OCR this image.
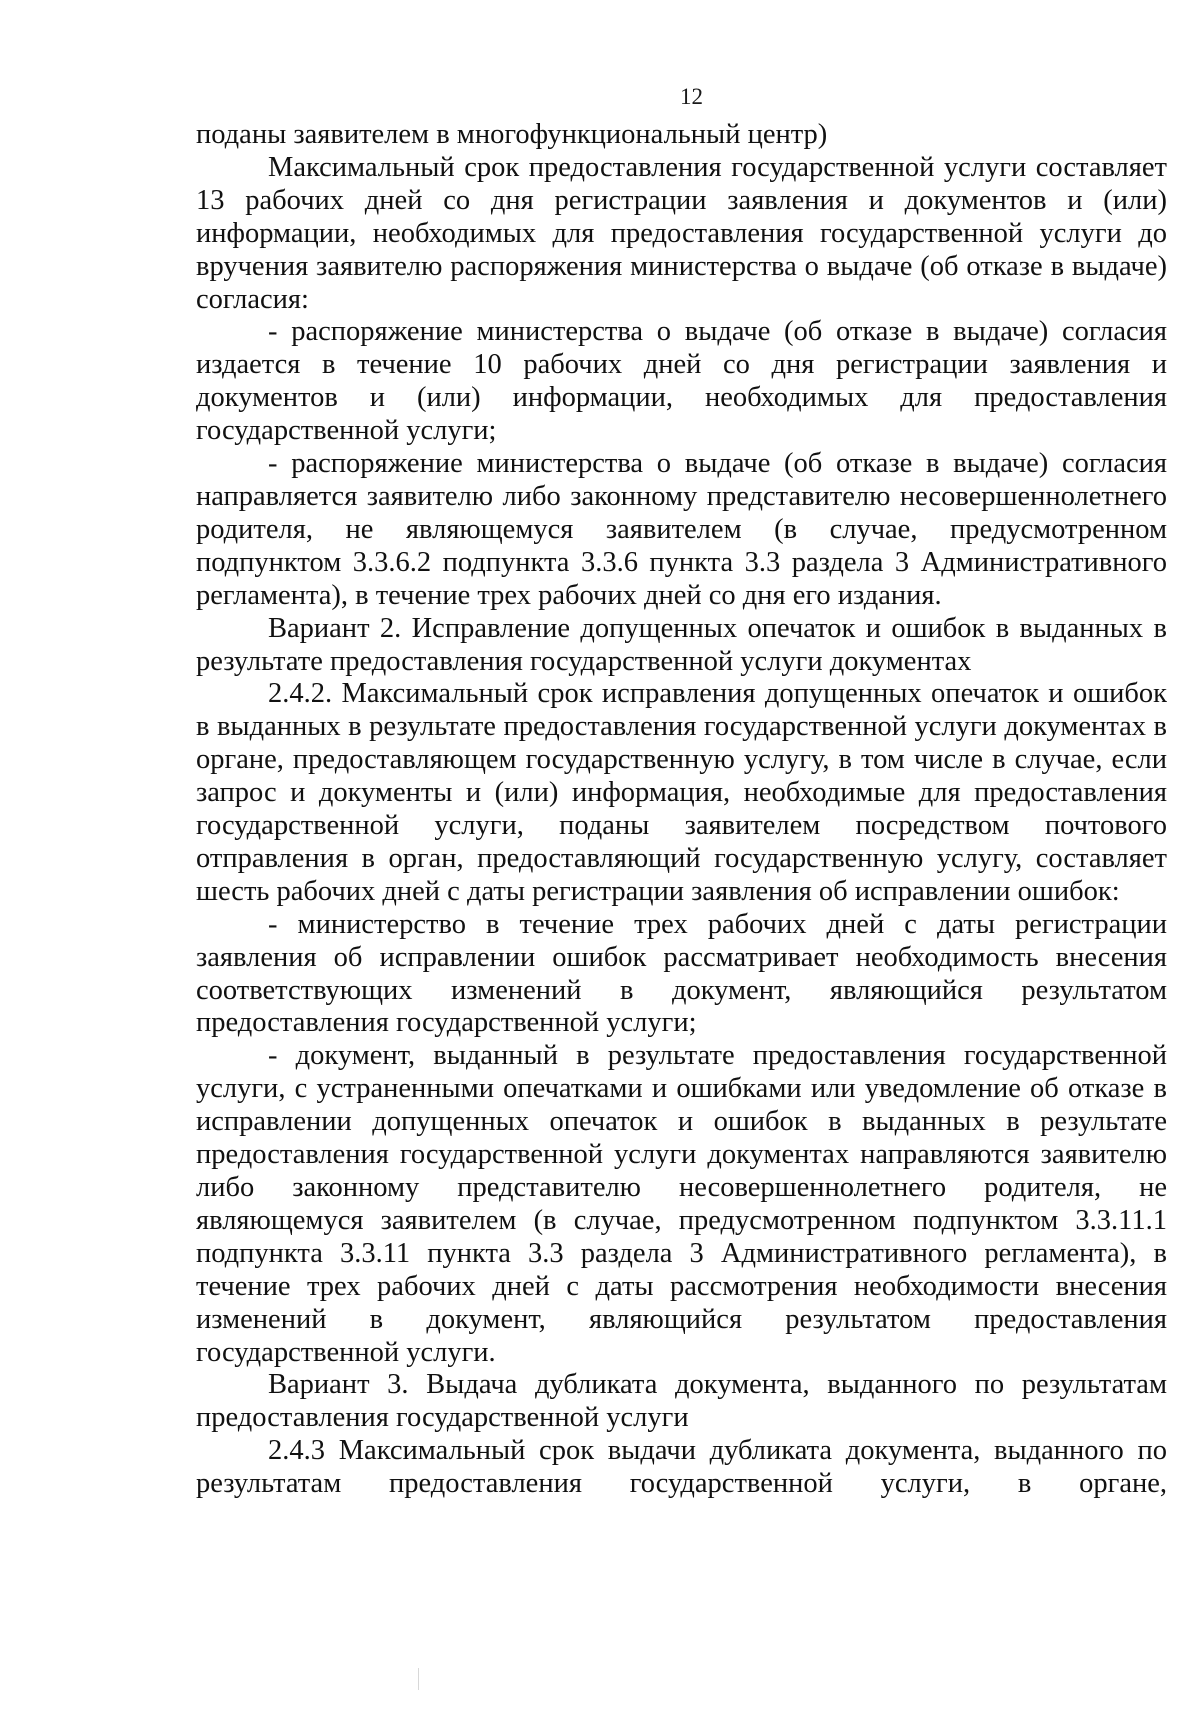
12

поданы заявителем в многофункциональный центр)

Максимальный срок предоставления государственной услуги составляет 13 рабочих дней со дня регистрации заявления и документов и (или) информации, необходимых для предоставления государственной услуги до вручения заявителю распоряжения министерства о выдаче (об отказе в выдаче) согласия:

- распоряжение министерства о выдаче (об отказе в выдаче) согласия издается в течение 10 рабочих дней со дня регистрации заявления и документов и (или) информации, необходимых для предоставления государственной услуги;

- распоряжение министерства о выдаче (об отказе в выдаче) согласия направляется заявителю либо законному представителю несовершеннолетнего родителя, не являющемуся заявителем (в случае, предусмотренном подпунктом 3.3.6.2 подпункта 3.3.6 пункта 3.3 раздела 3 Административного регламента), в течение трех рабочих дней со дня его издания.

Вариант 2. Исправление допущенных опечаток и ошибок в выданных в результате предоставления государственной услуги документах

2.4.2. Максимальный срок исправления допущенных опечаток и ошибок в выданных в результате предоставления государственной услуги документах в органе, предоставляющем государственную услугу, в том числе в случае, если запрос и документы и (или) информация, необходимые для предоставления государственной услуги, поданы заявителем посредством почтового отправления в орган, предоставляющий государственную услугу, составляет шесть рабочих дней с даты регистрации заявления об исправлении ошибок:

- министерство в течение трех рабочих дней с даты регистрации заявления об исправлении ошибок рассматривает необходимость внесения соответствующих изменений в документ, являющийся результатом предоставления государственной услуги;

- документ, выданный в результате предоставления государственной услуги, с устраненными опечатками и ошибками или уведомление об отказе в исправлении допущенных опечаток и ошибок в выданных в результате предоставления государственной услуги документах направляются заявителю либо законному представителю несовершеннолетнего родителя, не являющемуся заявителем (в случае, предусмотренном подпунктом 3.3.11.1 подпункта 3.3.11 пункта 3.3 раздела 3 Административного регламента), в течение трех рабочих дней с даты рассмотрения необходимости внесения изменений в документ, являющийся результатом предоставления государственной услуги.

Вариант 3. Выдача дубликата документа, выданного по результатам предоставления государственной услуги

2.4.3 Максимальный срок выдачи дубликата документа, выданного по результатам предоставления государственной услуги, в органе,
